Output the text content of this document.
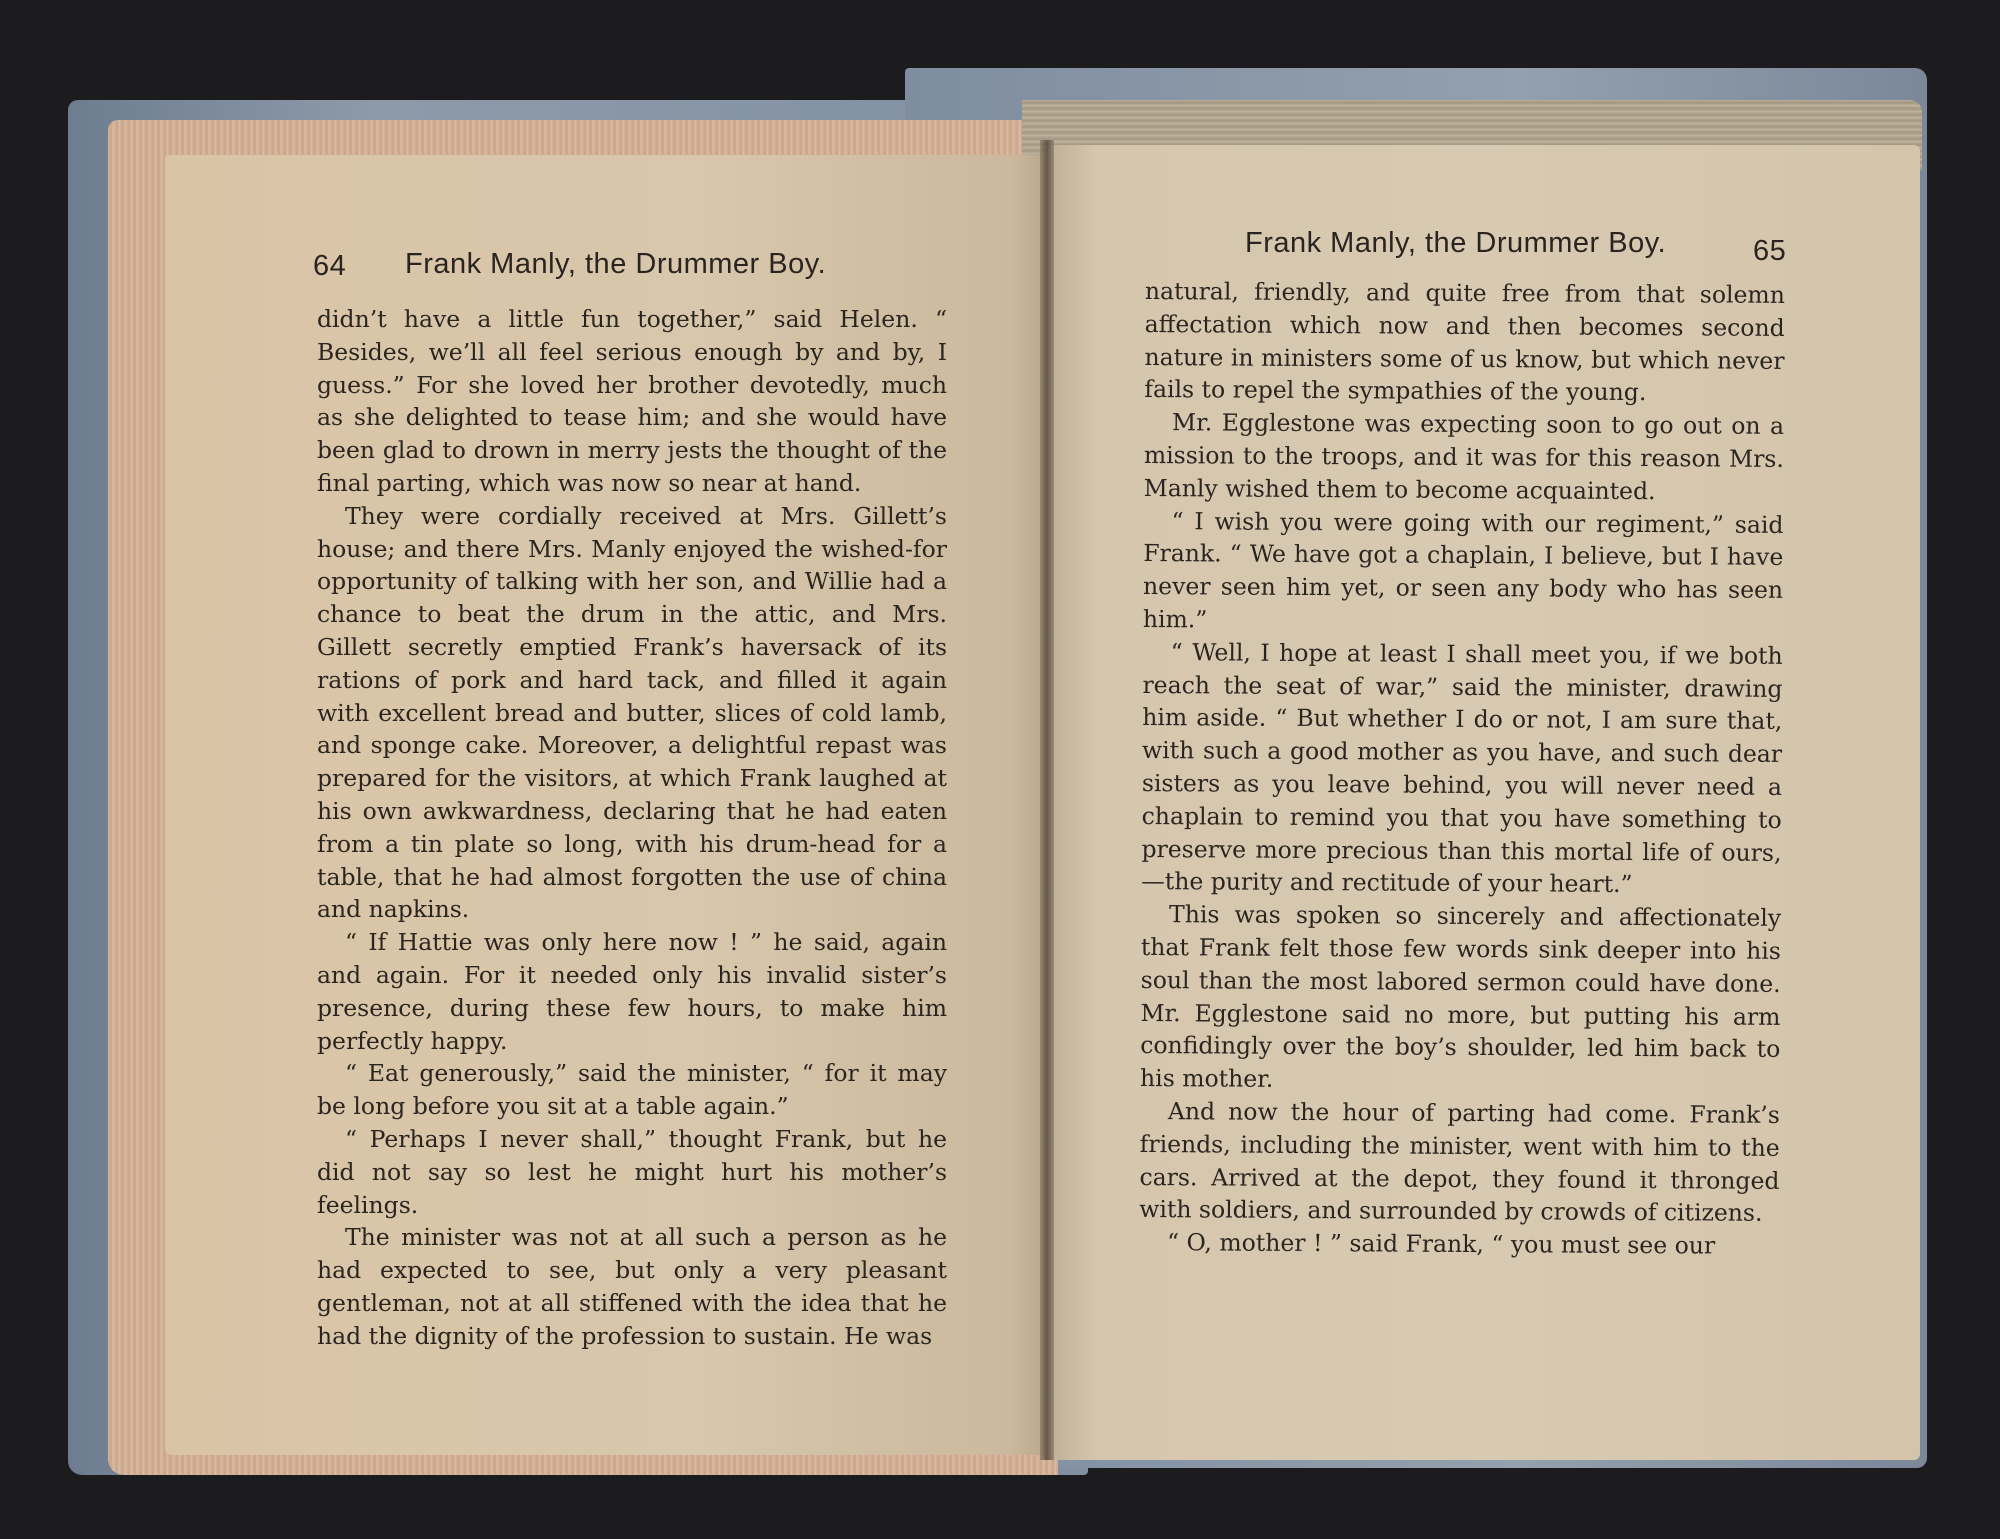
64 Frank Manly, the Drummer Boy.

didn’t have a little fun together,” said Helen. “ Besides, we’ll all feel serious enough by and by, I guess.” For she loved her brother devotedly, much as she delighted to tease him; and she would have been glad to drown in merry jests the thought of the final parting, which was now so near at hand.

They were cordially received at Mrs. Gillett’s house; and there Mrs. Manly enjoyed the wished-for opportunity of talking with her son, and Willie had a chance to beat the drum in the attic, and Mrs. Gillett secretly emptied Frank’s haversack of its rations of pork and hard tack, and filled it again with excellent bread and butter, slices of cold lamb, and sponge cake. Moreover, a delightful repast was prepared for the visitors, at which Frank laughed at his own awkwardness, declaring that he had eaten from a tin plate so long, with his drum-head for a table, that he had almost forgotten the use of china and napkins.

“ If Hattie was only here now ! ” he said, again and again. For it needed only his invalid sister’s presence, during these few hours, to make him perfectly happy.

“ Eat generously,” said the minister, “ for it may be long before you sit at a table again.”

“ Perhaps I never shall,” thought Frank, but he did not say so lest he might hurt his mother’s feelings.

The minister was not at all such a person as he had expected to see, but only a very pleasant gentleman, not at all stiffened with the idea that he had the dignity of the profession to sustain. He was

Frank Manly, the Drummer Boy.	65

natural, friendly, and quite free from that solemn affectation which now and then becomes second nature in ministers some of us know, but which never fails to repel the sympathies of the young.

Mr. Egglestone was expecting soon to go out on a mission to the troops, and it was for this reason Mrs. Manly wished them to become acquainted.

“ I wish you were going with our regiment,” said Frank. “ We have got a chaplain, I believe, but I have never seen him yet, or seen any body who has seen him.”

“ Well, I hope at least I shall meet you, if we both reach the seat of war,” said the minister, drawing him aside. “ But whether I do or not, I am sure that, with such a good mother as you have, and such dear sisters as you leave behind, you will never need a chaplain to remind you that you have something to preserve more precious than this mortal life of ours,—the purity and rectitude of your heart.”

This was spoken so sincerely and affectionately that Frank felt those few words sink deeper into his soul than the most labored sermon could have done. Mr. Egglestone said no more, but putting his arm confidingly over the boy’s shoulder, led him back to his mother.

And now the hour of parting had come. Frank’s friends, including the minister, went with him to the cars. Arrived at the depot, they found it thronged with soldiers, and surrounded by crowds of citizens.

“ O, mother ! ” said Frank, “ you must see our
